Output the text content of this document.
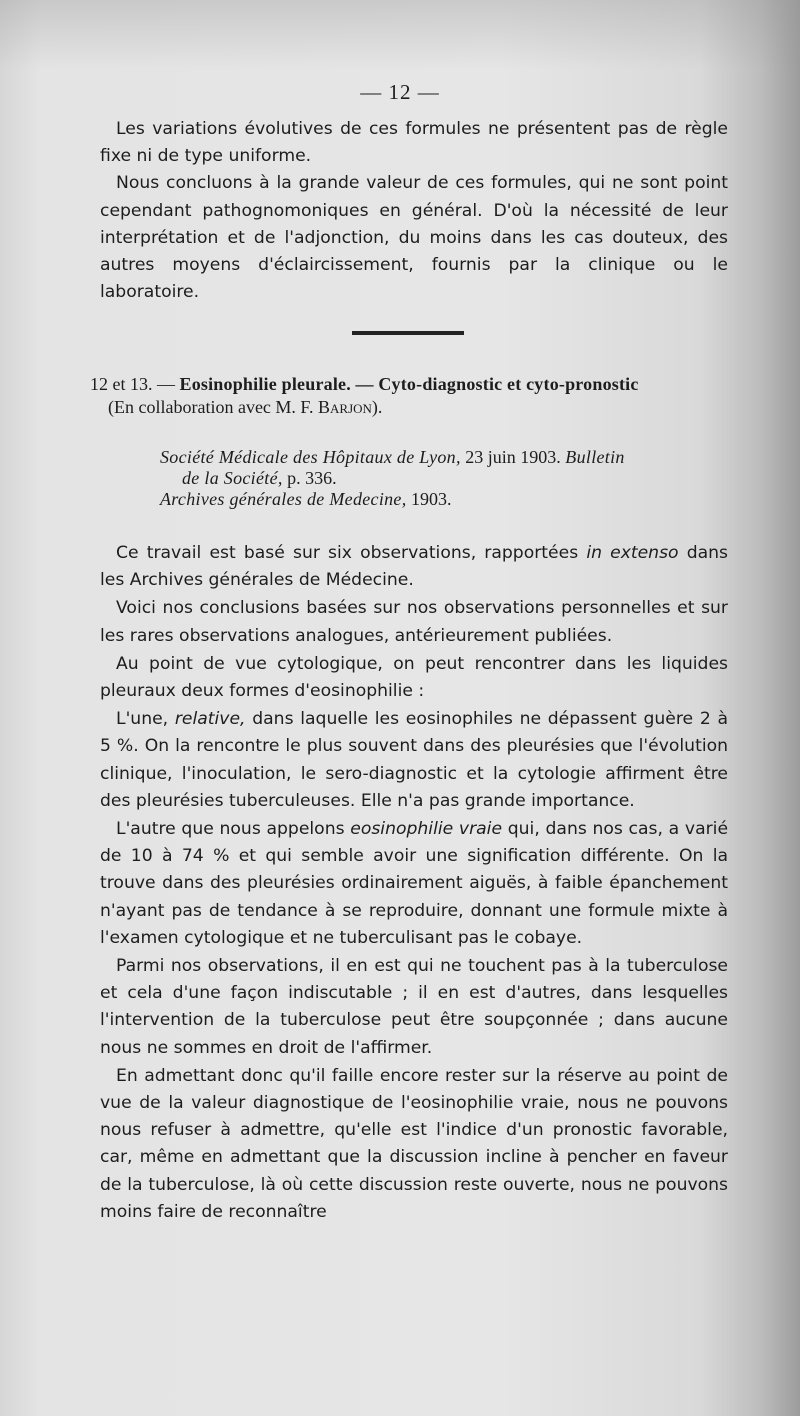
— 12 —

Les variations évolutives de ces formules ne présentent pas de règle fixe ni de type uniforme.

Nous concluons à la grande valeur de ces formules, qui ne sont point cependant pathognomoniques en général. D'où la nécessité de leur interprétation et de l'adjonction, du moins dans les cas douteux, des autres moyens d'éclaircissement, fournis par la clinique ou le laboratoire.

12 et 13. — Eosinophilie pleurale. — Cyto-diagnostic et cyto-pronostic
(En collaboration avec M. F. Barjon).
Société Médicale des Hôpitaux de Lyon, 23 juin 1903. Bulletin
de la Société, p. 336.
Archives générales de Medecine, 1903.

Ce travail est basé sur six observations, rapportées in extenso dans les Archives générales de Médecine.

Voici nos conclusions basées sur nos observations personnelles et sur les rares observations analogues, antérieurement publiées.

Au point de vue cytologique, on peut rencontrer dans les liquides pleuraux deux formes d'eosinophilie :

L'une, relative, dans laquelle les eosinophiles ne dépassent guère 2 à 5 %. On la rencontre le plus souvent dans des pleurésies que l'évolution clinique, l'inoculation, le sero-diagnostic et la cytologie affirment être des pleurésies tuberculeuses. Elle n'a pas grande importance.

L'autre que nous appelons eosinophilie vraie qui, dans nos cas, a varié de 10 à 74 % et qui semble avoir une signification différente. On la trouve dans des pleurésies ordinairement aiguës, à faible épanchement n'ayant pas de tendance à se reproduire, donnant une formule mixte à l'examen cytologique et ne tuberculisant pas le cobaye.

Parmi nos observations, il en est qui ne touchent pas à la tuberculose et cela d'une façon indiscutable ; il en est d'autres, dans lesquelles l'intervention de la tuberculose peut être soupçonnée ; dans aucune nous ne sommes en droit de l'affirmer.

En admettant donc qu'il faille encore rester sur la réserve au point de vue de la valeur diagnostique de l'eosinophilie vraie, nous ne pouvons nous refuser à admettre, qu'elle est l'indice d'un pronostic favorable, car, même en admettant que la discussion incline à pencher en faveur de la tuberculose, là où cette discussion reste ouverte, nous ne pouvons moins faire de reconnaître
